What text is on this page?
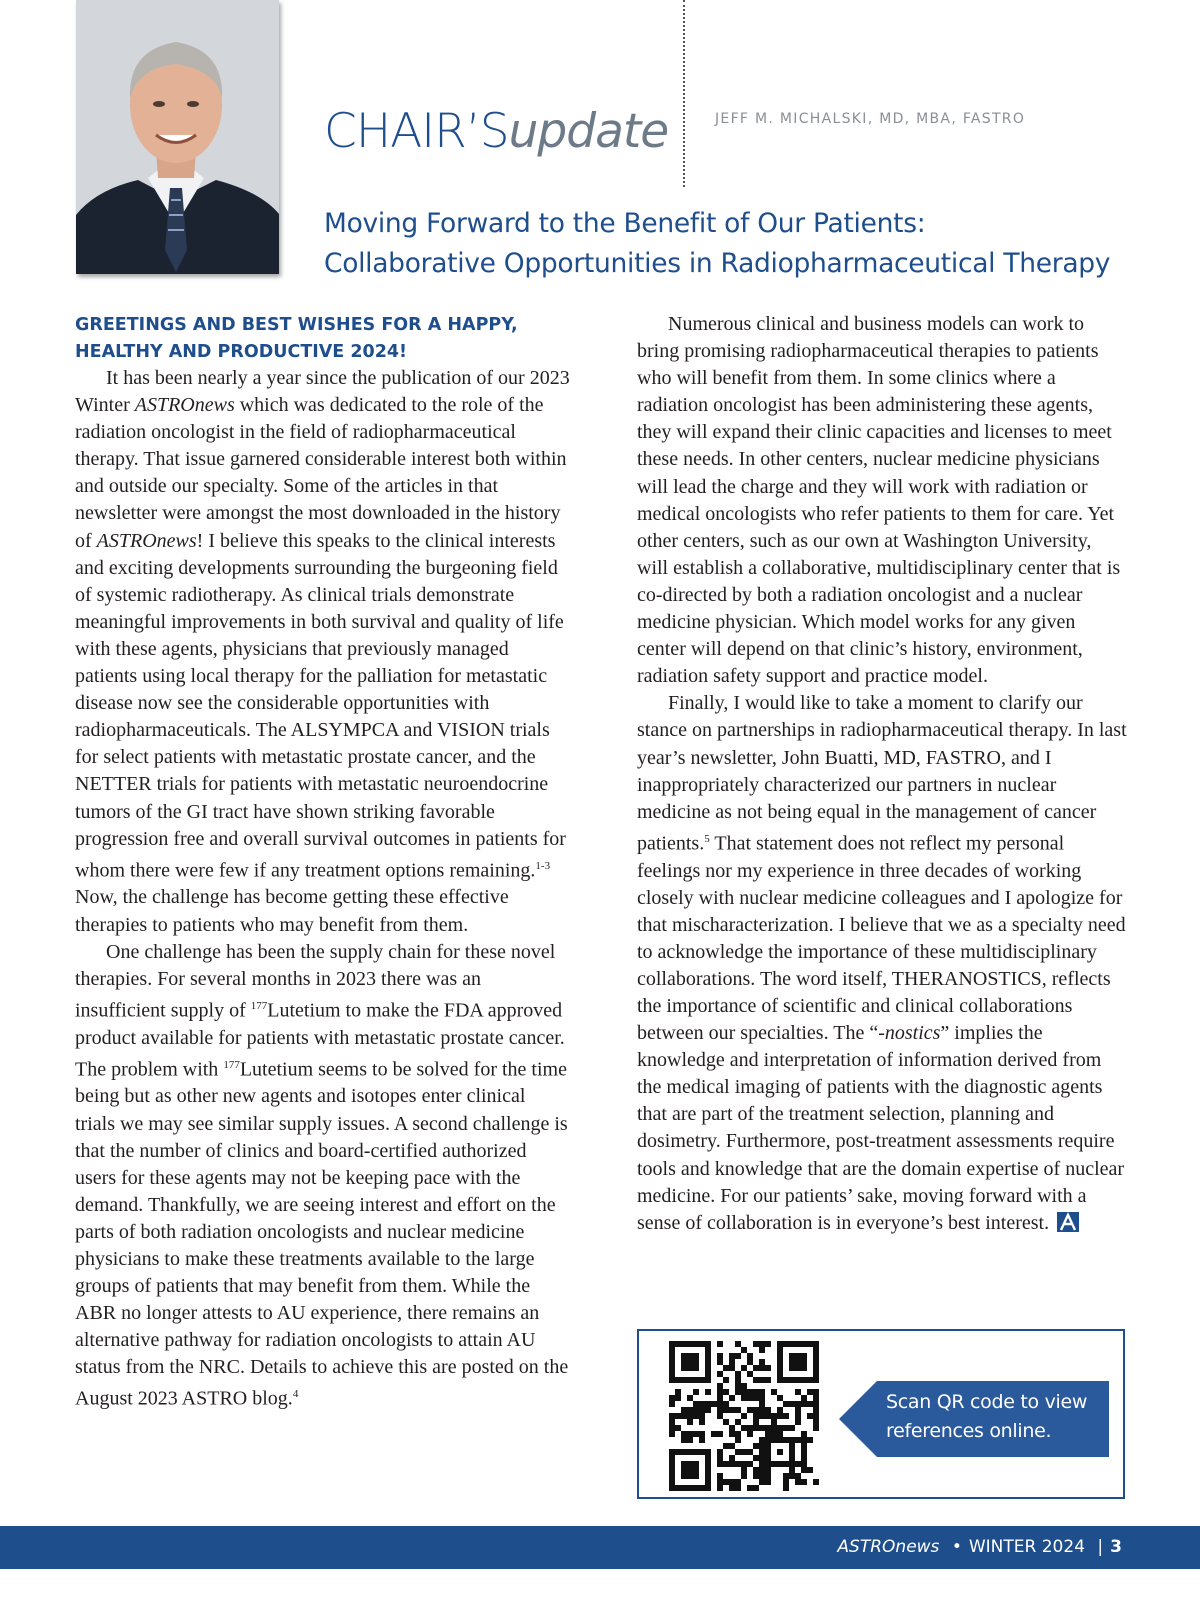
CHAIR’Supdate	JEFF M. MICHALSKI, MD, MBA, FASTRO
Moving Forward to the Benefit of Our Patients:
Collaborative Opportunities in Radiopharmaceutical Therapy
GREETINGS AND BEST WISHES FOR A HAPPY, HEALTHY AND PRODUCTIVE 2024!

It has been nearly a year since the publication of our 2023 Winter ASTROnews which was dedicated to the role of the radiation oncologist in the field of radiopharmaceutical therapy. That issue garnered considerable interest both within and outside our specialty. Some of the articles in that newsletter were amongst the most downloaded in the history of ASTROnews! I believe this speaks to the clinical interests and exciting developments surrounding the burgeoning field of systemic radiotherapy. As clinical trials demonstrate meaningful improvements in both survival and quality of life with these agents, physicians that previously managed patients using local therapy for the palliation for metastatic disease now see the considerable opportunities with radiopharmaceuticals. The ALSYMPCA and VISION trials for select patients with metastatic prostate cancer, and the NETTER trials for patients with metastatic neuroendocrine tumors of the GI tract have shown striking favorable progression free and overall survival outcomes in patients for whom there were few if any treatment options remaining.$^{1-3}$ Now, the challenge has become getting these effective therapies to patients who may benefit from them.

One challenge has been the supply chain for these novel therapies. For several months in 2023 there was an insufficient supply of $^{177}$Lutetium to make the FDA approved product available for patients with metastatic prostate cancer. The problem with $^{177}$Lutetium seems to be solved for the time being but as other new agents and isotopes enter clinical trials we may see similar supply issues. A second challenge is that the number of clinics and board-certified authorized users for these agents may not be keeping pace with the demand. Thankfully, we are seeing interest and effort on the parts of both radiation oncologists and nuclear medicine physicians to make these treatments available to the large groups of patients that may benefit from them. While the ABR no longer attests to AU experience, there remains an alternative pathway for radiation oncologists to attain AU status from the NRC. Details to achieve this are posted on the August 2023 ASTRO blog.$^4$

Numerous clinical and business models can work to bring promising radiopharmaceutical therapies to patients who will benefit from them. In some clinics where a radiation oncologist has been administering these agents, they will expand their clinic capacities and licenses to meet these needs. In other centers, nuclear medicine physicians will lead the charge and they will work with radiation or medical oncologists who refer patients to them for care. Yet other centers, such as our own at Washington University, will establish a collaborative, multidisciplinary center that is co-directed by both a radiation oncologist and a nuclear medicine physician. Which model works for any given center will depend on that clinic’s history, environment, radiation safety support and practice model.

Finally, I would like to take a moment to clarify our stance on partnerships in radiopharmaceutical therapy. In last year’s newsletter, John Buatti, MD, FASTRO, and I inappropriately characterized our partners in nuclear medicine as not being equal in the management of cancer patients.$^5$ That statement does not reflect my personal feelings nor my experience in three decades of working closely with nuclear medicine colleagues and I apologize for that mischaracterization. I believe that we as a specialty need to acknowledge the importance of these multidisciplinary collaborations. The word itself, THERANOSTICS, reflects the importance of scientific and clinical collaborations between our specialties. The “-nostics” implies the knowledge and interpretation of information derived from the medical imaging of patients with the diagnostic agents that are part of the treatment selection, planning and dosimetry. Furthermore, post-treatment assessments require tools and knowledge that are the domain expertise of nuclear medicine. For our patients’ sake, moving forward with a sense of collaboration is in everyone’s best interest.

Scan QR code to view references online.
ASTROnews • WINTER 2024 | 3
